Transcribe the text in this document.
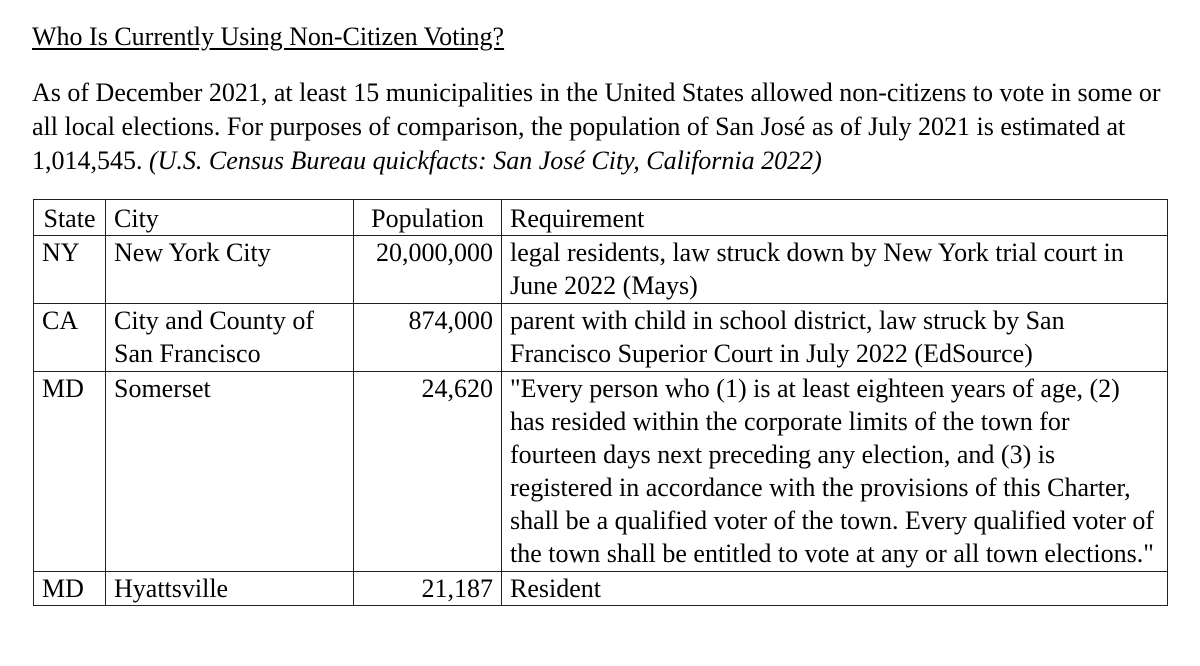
Who Is Currently Using Non-Citizen Voting?

As of December 2021, at least 15 municipalities in the United States allowed non-citizens to vote in some or all local elections. For purposes of comparison, the population of San José as of July 2021 is estimated at 1,014,545. (U.S. Census Bureau quickfacts: San José City, California 2022)

State	City	Population	Requirement
NY	New York City	20,000,000	legal residents, law struck down by New York trial court in June 2022 (Mays)
CA	City and County of San Francisco	874,000	parent with child in school district, law struck by San Francisco Superior Court in July 2022 (EdSource)
MD	Somerset	24,620	"Every person who (1) is at least eighteen years of age, (2) has resided within the corporate limits of the town for fourteen days next preceding any election, and (3) is registered in accordance with the provisions of this Charter, shall be a qualified voter of the town. Every qualified voter of the town shall be entitled to vote at any or all town elections."
MD	Hyattsville	21,187	Resident
